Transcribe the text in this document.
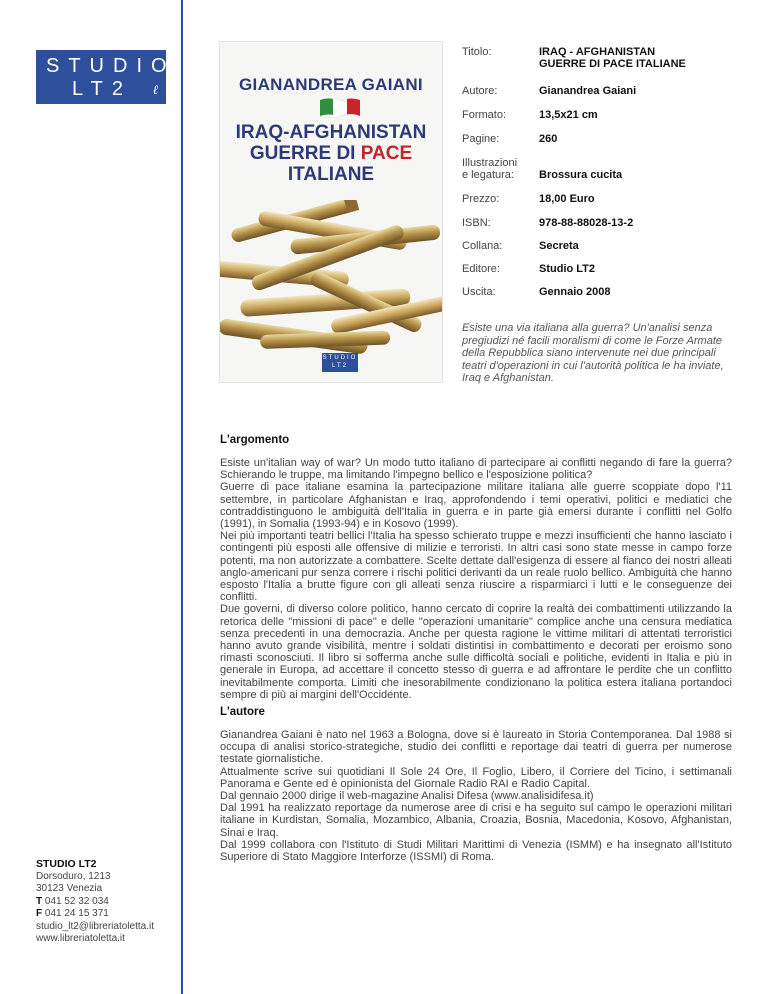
STUDIO
LT2 ℓ	GIANANDREA GAIANI
IRAQ-AFGHANISTAN
GUERRE DI PACE
ITALIANE
STUDIO LT2
Titolo:	IRAQ - AFGHANISTAN
GUERRE DI PACE ITALIANE
Autore:	Gianandrea Gaiani
Formato:	13,5x21 cm
Pagine:	260
Illustrazioni
e legatura:	Brossura cucita
Prezzo:	18,00 Euro
ISBN:	978-88-88028-13-2
Collana:	Secreta
Editore:	Studio LT2
Uscita:	Gennaio 2008
Esiste una via italiana alla guerra? Un'analisi senza pregiudizi né facili moralismi di come le Forze Armate della Repubblica siano intervenute nei due principali teatri d'operazioni in cui l'autorità politica le ha inviate, Iraq e Afghanistan.
L'argomento

Esiste un'italian way of war? Un modo tutto italiano di partecipare ai conflitti negando di fare la guerra? Schierando le truppe, ma limitando l'impegno bellico e l'esposizione politica?

Guerre di pace italiane esamina la partecipazione militare italiana alle guerre scoppiate dopo l'11 settembre, in particolare Afghanistan e Iraq, approfondendo i temi operativi, politici e mediatici che contraddistinguono le ambiguità dell'Italia in guerra e in parte già emersi durante i conflitti nel Golfo (1991), in Somalia (1993-94) e in Kosovo (1999).

Nei più importanti teatri bellici l'Italia ha spesso schierato truppe e mezzi insufficienti che hanno lasciato i contingenti più esposti alle offensive di milizie e terroristi. In altri casi sono state messe in campo forze potenti, ma non autorizzate a combattere. Scelte dettate dall'esigenza di essere al fianco dei nostri alleati anglo-americani pur senza correre i rischi politici derivanti da un reale ruolo bellico. Ambiguità che hanno esposto l'Italia a brutte figure con gli alleati senza riuscire a risparmiarci i lutti e le conseguenze dei conflitti.

Due governi, di diverso colore politico, hanno cercato di coprire la realtà dei combattimenti utilizzando la retorica delle "missioni di pace" e delle "operazioni umanitarie" complice anche una censura mediatica senza precedenti in una democrazia. Anche per questa ragione le vittime militari di attentati terroristici hanno avuto grande visibilità, mentre i soldati distintisi in combattimento e decorati per eroismo sono rimasti sconosciuti. Il libro si sofferma anche sulle difficoltà sociali e politiche, evidenti in Italia e più in generale in Europa, ad accettare il concetto stesso di guerra e ad affrontare le perdite che un conflitto inevitabilmente comporta. Limiti che inesorabilmente condizionano la politica estera italiana portandoci sempre di più ai margini dell'Occidente.

L'autore

Gianandrea Gaiani è nato nel 1963 a Bologna, dove si è laureato in Storia Contemporanea. Dal 1988 si occupa di analisi storico-strategiche, studio dei conflitti e reportage dai teatri di guerra per numerose testate giornalistiche.

Attualmente scrive sui quotidiani Il Sole 24 Ore, Il Foglio, Libero, il Corriere del Ticino, i settimanali Panorama e Gente ed è opinionista del Giornale Radio RAI e Radio Capital.

Dal gennaio 2000 dirige il web-magazine Analisi Difesa (www.analisidifesa.it)

Dal 1991 ha realizzato reportage da numerose aree di crisi e ha seguito sul campo le operazioni militari italiane in Kurdistan, Somalia, Mozambico, Albania, Croazia, Bosnia, Macedonia, Kosovo, Afghanistan, Sinai e Iraq.

Dal 1999 collabora con l'Istituto di Studi Militari Marittimi di Venezia (ISMM) e ha insegnato all'Istituto Superiore di Stato Maggiore Interforze (ISSMI) di Roma.

STUDIO LT2
Dorsoduro, 1213
30123 Venezia
T 041 52 32 034
F 041 24 15 371
studio_lt2@libreriatoletta.it
www.libreriatoletta.it
